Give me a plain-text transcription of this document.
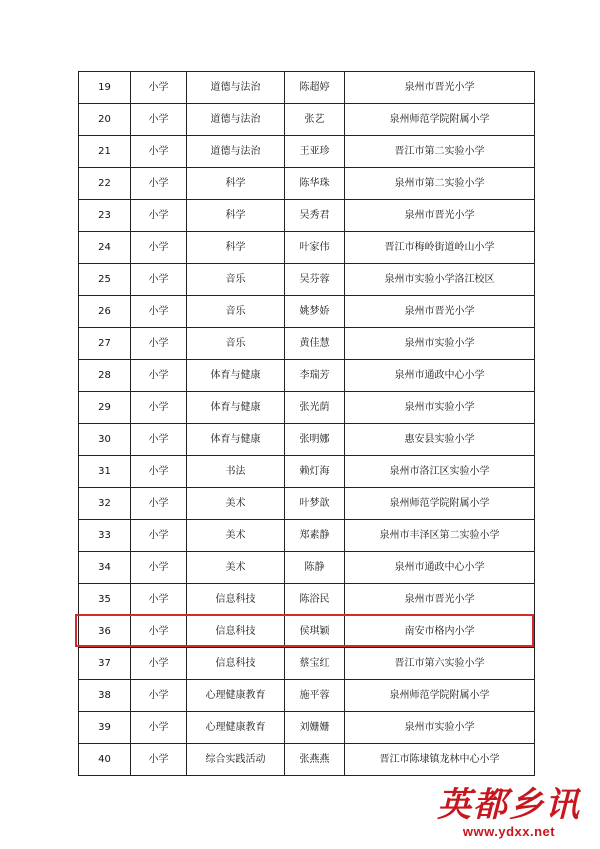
19	小学	道德与法治	陈超婷	泉州市晋光小学
20	小学	道德与法治	张艺	泉州师范学院附属小学
21	小学	道德与法治	王亚珍	晋江市第二实验小学
22	小学	科学	陈华珠	泉州市第二实验小学
23	小学	科学	吴秀君	泉州市晋光小学
24	小学	科学	叶家伟	晋江市梅岭街道岭山小学
25	小学	音乐	吴芬蓉	泉州市实验小学洛江校区
26	小学	音乐	姚梦娇	泉州市晋光小学
27	小学	音乐	黄佳慧	泉州市实验小学
28	小学	体育与健康	李瑞芳	泉州市通政中心小学
29	小学	体育与健康	张光荫	泉州市实验小学
30	小学	体育与健康	张明娜	惠安县实验小学
31	小学	书法	赖灯海	泉州市洛江区实验小学
32	小学	美术	叶梦歆	泉州师范学院附属小学
33	小学	美术	郑素静	泉州市丰泽区第二实验小学
34	小学	美术	陈静	泉州市通政中心小学
35	小学	信息科技	陈浴民	泉州市晋光小学
36	小学	信息科技	侯琪颖	南安市格内小学
37	小学	信息科技	蔡宝红	晋江市第六实验小学
38	小学	心理健康教育	施平蓉	泉州师范学院附属小学
39	小学	心理健康教育	刘姗姗	泉州市实验小学
40	小学	综合实践活动	张燕燕	晋江市陈埭镇龙林中心小学
英都乡讯
www.ydxx.net
